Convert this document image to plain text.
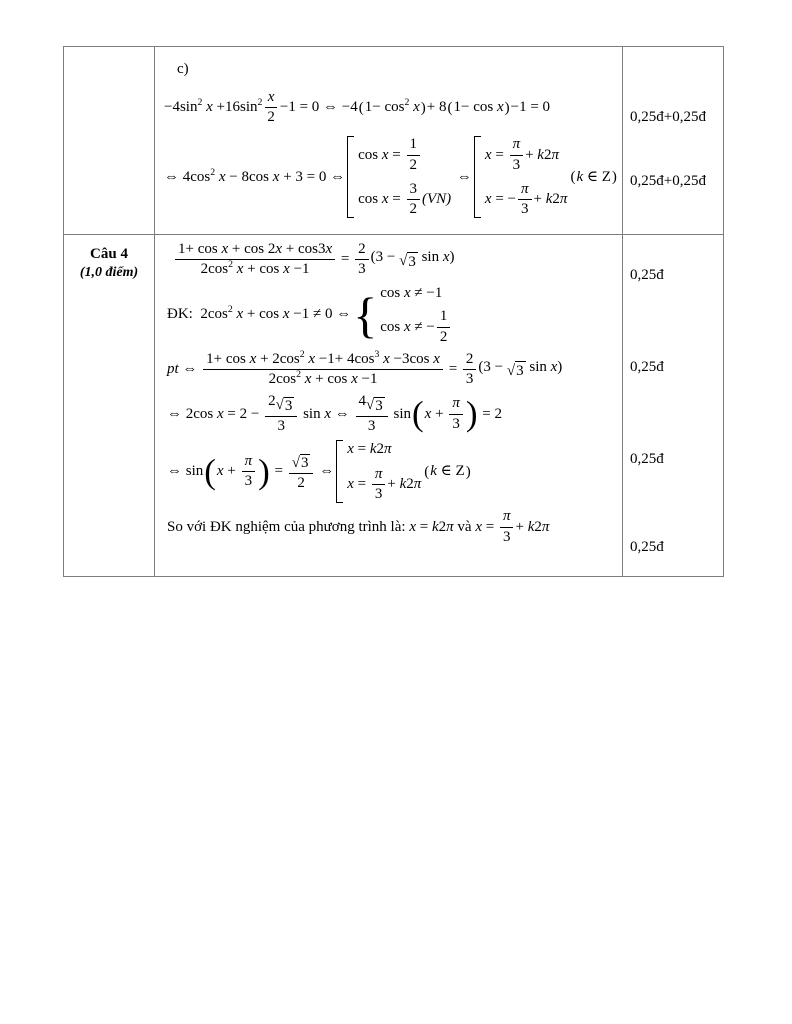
c)
$-4\sin^2$ $x +16\sin^2 \frac{x}{2} -1 = 0$ ⇔ −4 ( $1- \cos^2 x$ ) + 8 ( 1− cos x ) −1 = 0
⇔ $4\cos^2$ x − 8cos x + 3 = 0 ⇔
$\cos x = \frac{1}{2}$
$\cos x = \frac{3}{2} (VN)$
⇔
$x = \frac{\pi}{3} + k2\pi$
x = − $\frac{\pi}{3} + k2\pi$
( k ∈ Z )
0,25đ+0,25đ
0,25đ+0,25đ
Câu 4
(1,0 điểm)	$\frac{\text{1+ cos x + cos 2x + cos3x}}{2\cos^2 x + \cos x -1} = \frac{2}{3} (3$ − √ 3 sin x)
ĐK:  $2\cos^2$ x + cos x −1 ≠ 0 ⇔ { cos x ≠ −1
cos x ≠ − $\frac{1}{2}$
pt ⇔ $\frac{1+ \cos x + 2\cos^2 x -1+ 4\cos^3 x -3\cos x}{2\cos^2 x + \cos x -1} = \frac{2}{3} (3$ − √ 3 sin x)
⇔ 2cos $x = 2 - \frac{2 √ 3}{3}$ sin x ⇔ $\frac{4 √ 3}{3}$ sin ( $x + \frac{\pi}{3}$ ) = 2
⇔ sin ( $x + \frac{\pi}{3}$ ) = $\frac{√ 3}{2}$ ⇔
x = k2π
$x = \frac{\pi}{3} + k2\pi$
( k ∈ Z )
So với ĐK nghiệm của phương trình là: x = k2π và $x = \frac{\pi}{3} + k2\pi$
0,25đ
0,25đ
0,25đ
0,25đ
